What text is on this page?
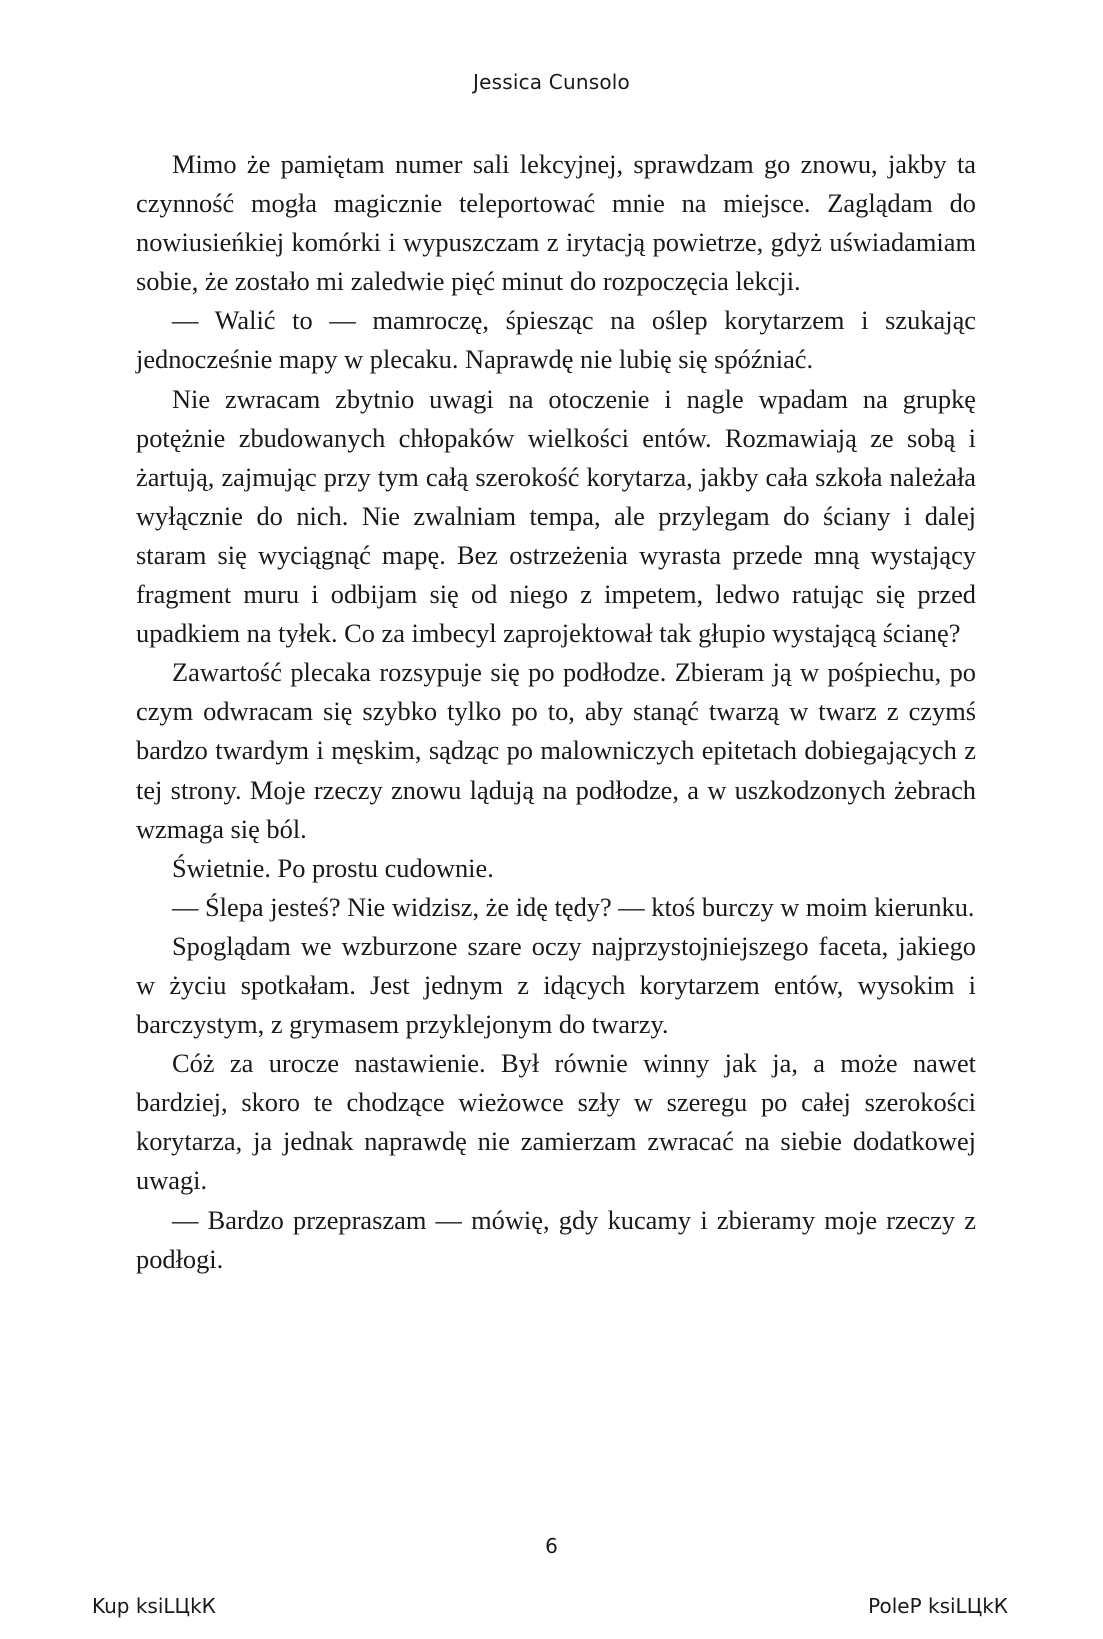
Jessica Cunsolo

Mimo że pamiętam numer sali lekcyjnej, sprawdzam go znowu, jakby ta czynność mogła magicznie teleportować mnie na miejsce. Zaglądam do nowiusieńkiej komórki i wypuszczam z irytacją powietrze, gdyż uświadamiam sobie, że zostało mi zaledwie pięć minut do rozpoczęcia lekcji.

— Walić to — mamroczę, śpiesząc na oślep korytarzem i szukając jednocześnie mapy w plecaku. Naprawdę nie lubię się spóźniać.

Nie zwracam zbytnio uwagi na otoczenie i nagle wpadam na grupkę potężnie zbudowanych chłopaków wielkości entów. Rozmawiają ze sobą i żartują, zajmując przy tym całą szerokość korytarza, jakby cała szkoła należała wyłącznie do nich. Nie zwalniam tempa, ale przylegam do ściany i dalej staram się wyciągnąć mapę. Bez ostrzeżenia wyrasta przede mną wystający fragment muru i odbijam się od niego z impetem, ledwo ratując się przed upadkiem na tyłek. Co za imbecyl zaprojektował tak głupio wystającą ścianę?

Zawartość plecaka rozsypuje się po podłodze. Zbieram ją w pośpiechu, po czym odwracam się szybko tylko po to, aby stanąć twarzą w twarz z czymś bardzo twardym i męskim, sądząc po malowniczych epitetach dobiegających z tej strony. Moje rzeczy znowu lądują na podłodze, a w uszkodzonych żebrach wzmaga się ból.

Świetnie. Po prostu cudownie.

— Ślepa jesteś? Nie widzisz, że idę tędy? — ktoś burczy w moim kierunku.

Spoglądam we wzburzone szare oczy najprzystojniejszego faceta, jakiego w życiu spotkałam. Jest jednym z idących korytarzem entów, wysokim i barczystym, z grymasem przyklejonym do twarzy.

Cóż za urocze nastawienie. Był równie winny jak ja, a może nawet bardziej, skoro te chodzące wieżowce szły w szeregu po całej szerokości korytarza, ja jednak naprawdę nie zamierzam zwracać na siebie dodatkowej uwagi.

— Bardzo przepraszam — mówię, gdy kucamy i zbieramy moje rzeczy z podłogi.

6
Kup ksiLЦkК	PoleP ksiLЦkК
